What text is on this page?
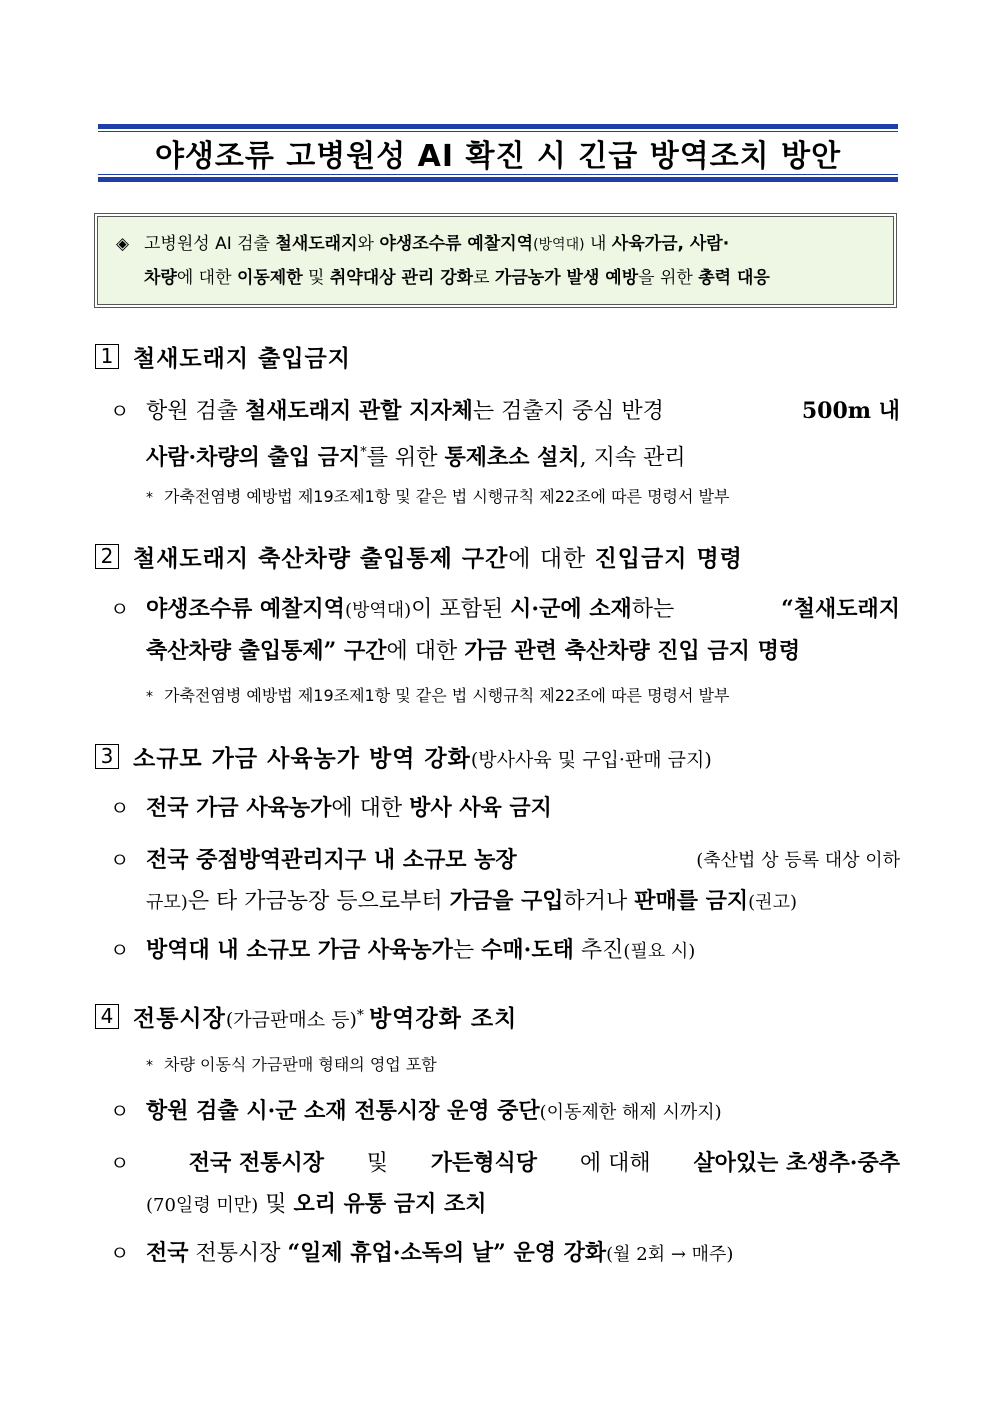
야생조류 고병원성 AI 확진 시 긴급 방역조치 방안
◈ 고병원성 AI 검출 철새도래지와 야생조수류 예찰지역(방역대) 내 사육가금, 사람·
차량에 대한 이동제한 및 취약대상 관리 강화로 가금농가 발생 예방을 위한 총력 대응
1 철새도래지 출입금지
ㅇ 항원 검출 철새도래지 관할 지자체는 검출지 중심 반경	500m 내
사람·차량의 출입 금지*를 위한 통제초소 설치, 지속 관리
* 가축전염병 예방법 제19조제1항 및 같은 법 시행규칙 제22조에 따른 명령서 발부
2 철새도래지 축산차량 출입통제 구간에 대한 진입금지 명령
ㅇ 야생조수류 예찰지역(방역대)이 포함된 시·군에 소재하는	“철새도래지
축산차량 출입통제” 구간에 대한 가금 관련 축산차량 진입 금지 명령
* 가축전염병 예방법 제19조제1항 및 같은 법 시행규칙 제22조에 따른 명령서 발부
3 소규모 가금 사육농가 방역 강화(방사사육 및 구입·판매 금지)
ㅇ 전국 가금 사육농가에 대한 방사 사육 금지
ㅇ 전국 중점방역관리지구 내 소규모 농장	(축산법 상 등록 대상 이하
규모)은 타 가금농장 등으로부터 가금을 구입하거나 판매를 금지(권고)
ㅇ 방역대 내 소규모 가금 사육농가는 수매·도태 추진(필요 시)
4 전통시장(가금판매소 등)* 방역강화 조치
* 차량 이동식 가금판매 형태의 영업 포함
ㅇ 항원 검출 시·군 소재 전통시장 운영 중단(이동제한 해제 시까지)
ㅇ	전국 전통시장 및 가든형식당 에 대해 살아있는 초생추·중추
(70일령 미만) 및 오리 유통 금지 조치
ㅇ 전국 전통시장 “일제 휴업·소독의 날” 운영 강화(월 2회 → 매주)
